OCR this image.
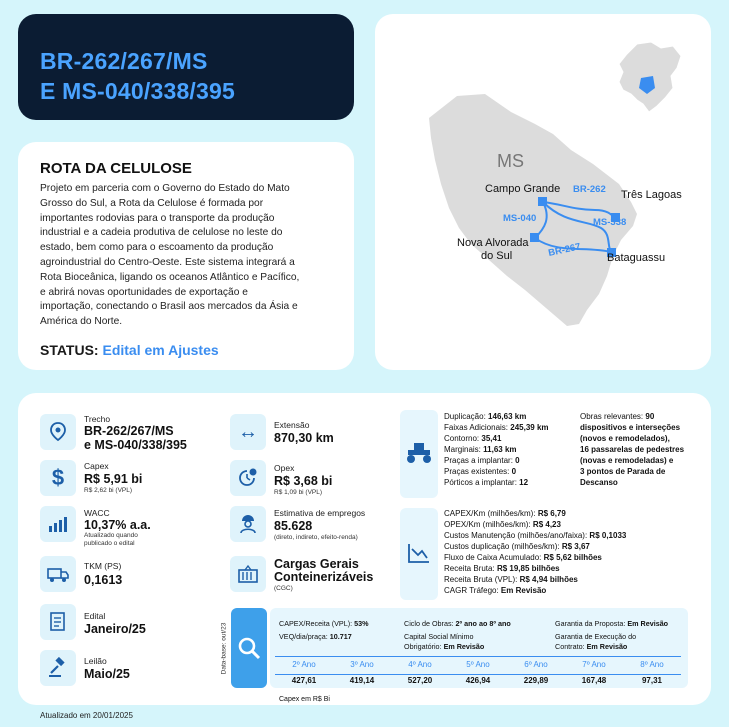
BR-262/267/MS
E MS-040/338/395
ROTA DA CELULOSE

Projeto em parceria com o Governo do Estado do Mato
Grosso do Sul, a Rota da Celulose é formada por
importantes rodovias para o transporte da produção
industrial e a cadeia produtiva de celulose no leste do
estado, bem como para o escoamento da produção
agroindustrial do Centro-Oeste. Este sistema integrará a
Rota Bioceânica, ligando os oceanos Atlântico e Pacífico,
e abrirá novas oportunidades de exportação e
importação, conectando o Brasil aos mercados da Ásia e
América do Norte.

STATUS: Edital em Ajustes
MS
Campo Grande	Três Lagoas
Nova Alvorada
do Sul	Bataguassu
BR-262
MS-040	MS-338
BR-267
Trecho
BR-262/267/MS
e MS-040/338/395
$ Capex
R$ 5,91 bi
R$ 2,62 bi (VPL)
WACC
10,37% a.a.
Atualizado quando
publicado o edital
TKM (PS)
0,1613
Edital
Janeiro/25
Leilão
Maio/25
↔ Extensão
870,30 km
Opex
R$ 3,68 bi
R$ 1,09 bi (VPL)
Estimativa de empregos
85.628
(direto, indireto, efeito-renda)
Cargas Gerais
Conteinerizáveis
(CGC)
Duplicação: 146,63 km
Faixas Adicionais: 245,39 km
Contorno: 35,41
Marginais: 11,63 km
Praças a implantar: 0
Praças existentes: 0
Pórticos a implantar: 12
Obras relevantes: 90
dispositivos e interseções
(novos e remodelados),
16 passarelas de pedestres
(novas e remodeladas) e
3 pontos de Parada de
Descanso
CAPEX/Km (milhões/km): R$ 6,79
OPEX/Km (milhões/km): R$ 4,23
Custos Manutenção (milhões/ano/faixa): R$ 0,1033
Custos duplicação (milhões/km): R$ 3,67
Fluxo de Caixa Acumulado: R$ 5,62 bilhões
Receita Bruta: R$ 19,85 bilhões
Receita Bruta (VPL): R$ 4,94 bilhões
CAGR Tráfego: Em Revisão
Data-base: out/23	CAPEX/Receita (VPL): 53%
VEQ/dia/praça: 10.717
Ciclo de Obras: 2º ano ao 8º ano
Capital Social Mínimo
Obrigatório: Em Revisão
Garantia da Proposta: Em Revisão
Garantia de Execução do
Contrato: Em Revisão
2º Ano	3º Ano	4º Ano	5º Ano	6º Ano	7º Ano	8º Ano
427,61	419,14	527,20	426,94	229,89	167,48	97,31
Capex em R$ Bi
Atualizado em 20/01/2025
